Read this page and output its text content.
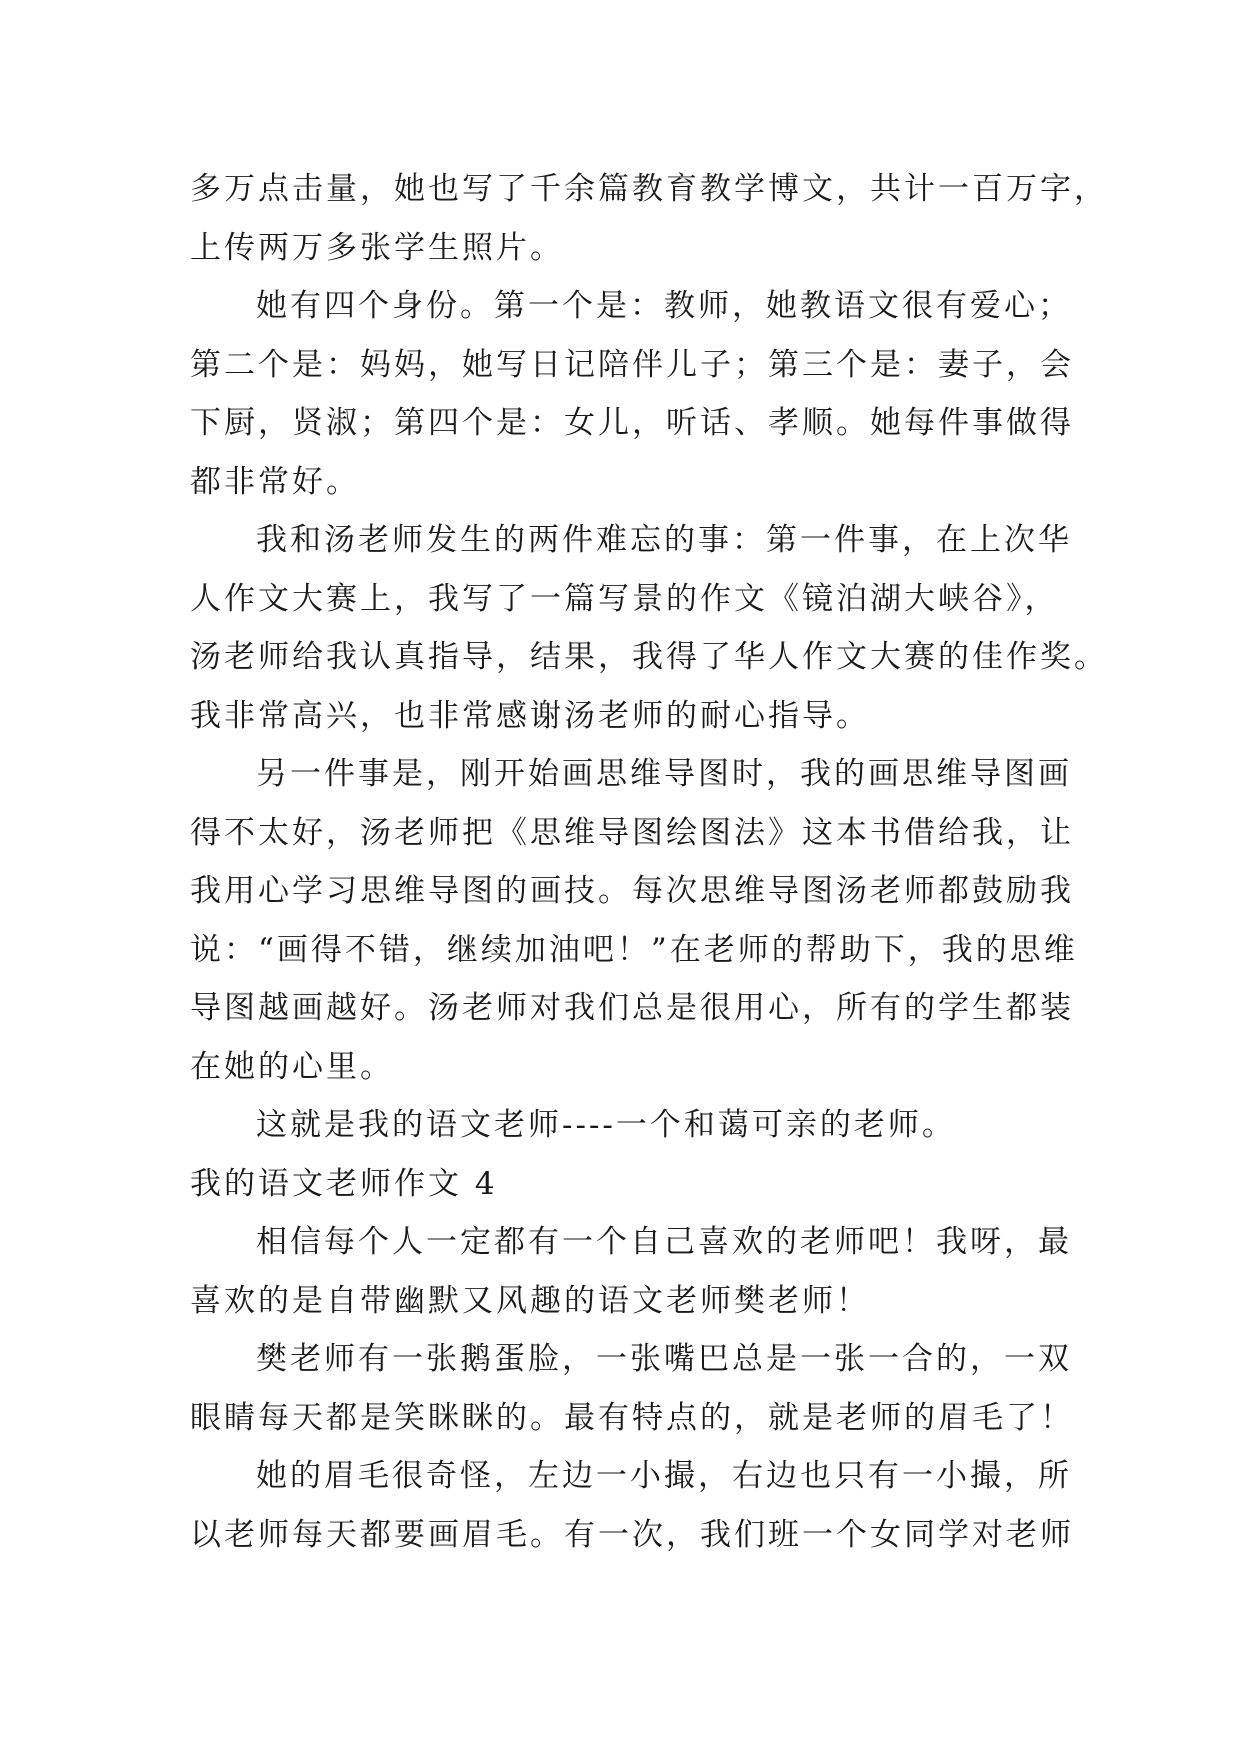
多万点击量，她也写了千余篇教育教学博文，共计一百万字，
上传两万多张学生照片。
她有四个身份。第一个是：教师，她教语文很有爱心；
第二个是：妈妈，她写日记陪伴儿子；第三个是：妻子，会
下厨，贤淑；第四个是：女儿，听话、孝顺。她每件事做得
都非常好。
我和汤老师发生的两件难忘的事：第一件事，在上次华
人作文大赛上，我写了一篇写景的作文《镜泊湖大峡谷》，
汤老师给我认真指导，结果，我得了华人作文大赛的佳作奖。
我非常高兴，也非常感谢汤老师的耐心指导。
另一件事是，刚开始画思维导图时，我的画思维导图画
得不太好，汤老师把《思维导图绘图法》这本书借给我，让
我用心学习思维导图的画技。每次思维导图汤老师都鼓励我
说：“画得不错，继续加油吧！”在老师的帮助下，我的思维
导图越画越好。汤老师对我们总是很用心，所有的学生都装
在她的心里。
这就是我的语文老师----一个和蔼可亲的老师。
我的语文老师作文 4
相信每个人一定都有一个自己喜欢的老师吧！我呀，最
喜欢的是自带幽默又风趣的语文老师樊老师！
樊老师有一张鹅蛋脸，一张嘴巴总是一张一合的，一双
眼睛每天都是笑眯眯的。最有特点的，就是老师的眉毛了！
她的眉毛很奇怪，左边一小撮，右边也只有一小撮，所
以老师每天都要画眉毛。有一次，我们班一个女同学对老师
